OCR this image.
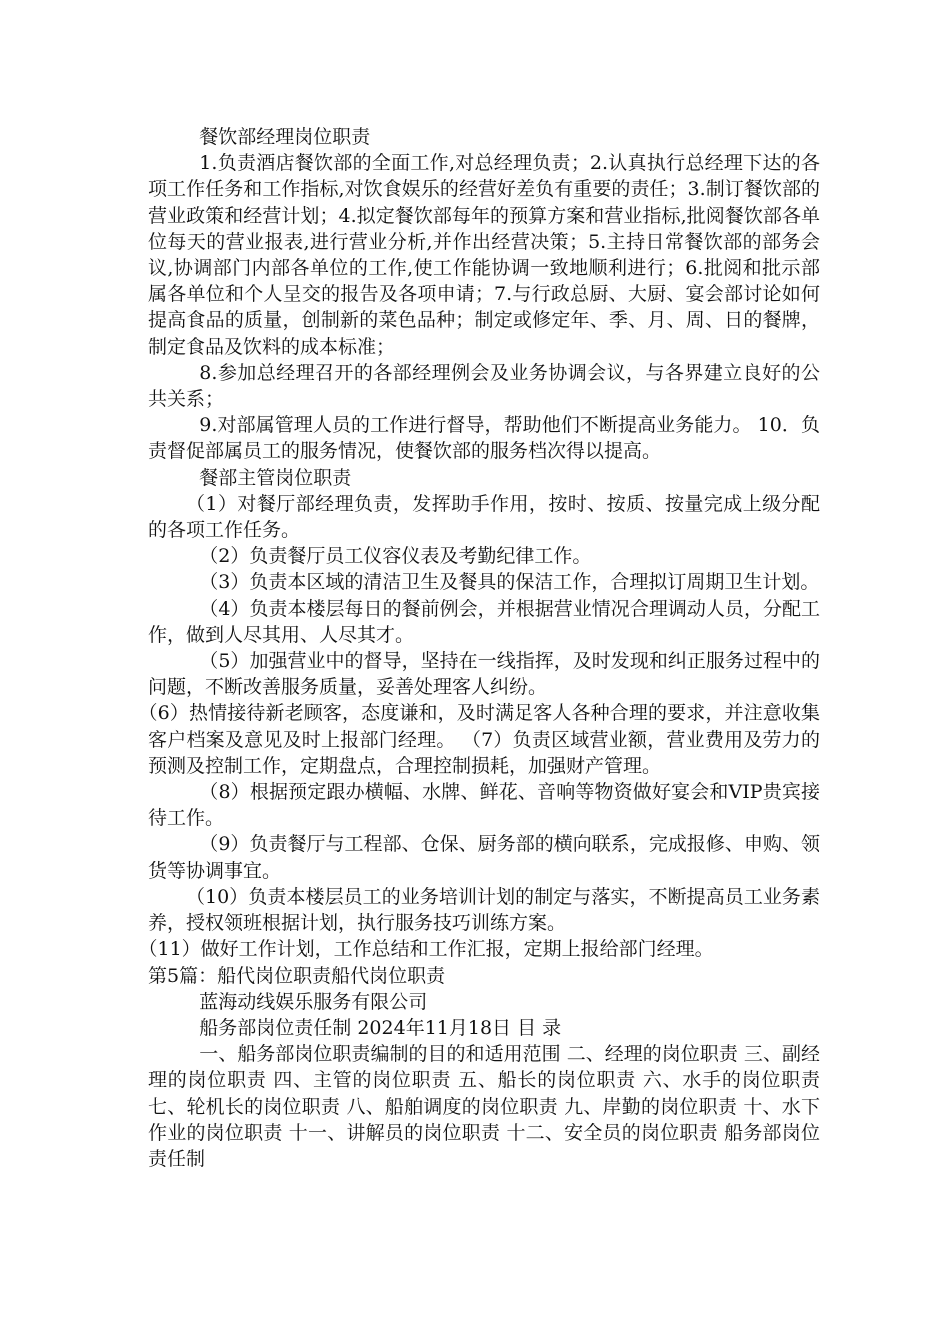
餐饮部经理岗位职责

1.负责酒店餐饮部的全面工作,对总经理负责；2.认真执行总经理下达的各项工作任务和工作指标,对饮食娱乐的经营好差负有重要的责任；3.制订餐饮部的营业政策和经营计划；4.拟定餐饮部每年的预算方案和营业指标,批阅餐饮部各单位每天的营业报表,进行营业分析,并作出经营决策；5.主持日常餐饮部的部务会议,协调部门内部各单位的工作,使工作能协调一致地顺利进行；6.批阅和批示部属各单位和个人呈交的报告及各项申请；7.与行政总厨、大厨、宴会部讨论如何提高食品的质量，创制新的菜色品种；制定或修定年、季、月、周、日的餐牌，制定食品及饮料的成本标准；

8.参加总经理召开的各部经理例会及业务协调会议，与各界建立良好的公共关系；

9.对部属管理人员的工作进行督导，帮助他们不断提高业务能力。 10．负责督促部属员工的服务情况，使餐饮部的服务档次得以提高。

餐部主管岗位职责

（1）对餐厅部经理负责，发挥助手作用，按时、按质、按量完成上级分配的各项工作任务。

（2）负责餐厅员工仪容仪表及考勤纪律工作。

（3）负责本区域的清洁卫生及餐具的保洁工作，合理拟订周期卫生计划。

（4）负责本楼层每日的餐前例会，并根据营业情况合理调动人员，分配工作，做到人尽其用、人尽其才。

（5）加强营业中的督导，坚持在一线指挥，及时发现和纠正服务过程中的问题，不断改善服务质量，妥善处理客人纠纷。

（6）热情接待新老顾客，态度谦和，及时满足客人各种合理的要求，并注意收集客户档案及意见及时上报部门经理。 （7）负责区域营业额，营业费用及劳力的预测及控制工作，定期盘点，合理控制损耗，加强财产管理。

（8）根据预定跟办横幅、水牌、鲜花、音响等物资做好宴会和VIP贵宾接待工作。

（9）负责餐厅与工程部、仓保、厨务部的横向联系，完成报修、申购、领货等协调事宜。

（10）负责本楼层员工的业务培训计划的制定与落实，不断提高员工业务素养，授权领班根据计划，执行服务技巧训练方案。

（11）做好工作计划，工作总结和工作汇报，定期上报给部门经理。

第5篇：船代岗位职责船代岗位职责

蓝海动线娱乐服务有限公司

船务部岗位责任制 2024年11月18日 目 录

一、船务部岗位职责编制的目的和适用范围 二、经理的岗位职责 三、副经理的岗位职责 四、主管的岗位职责 五、船长的岗位职责 六、水手的岗位职责 七、轮机长的岗位职责 八、船舶调度的岗位职责 九、岸勤的岗位职责 十、水下作业的岗位职责 十一、讲解员的岗位职责 十二、安全员的岗位职责 船务部岗位责任制
